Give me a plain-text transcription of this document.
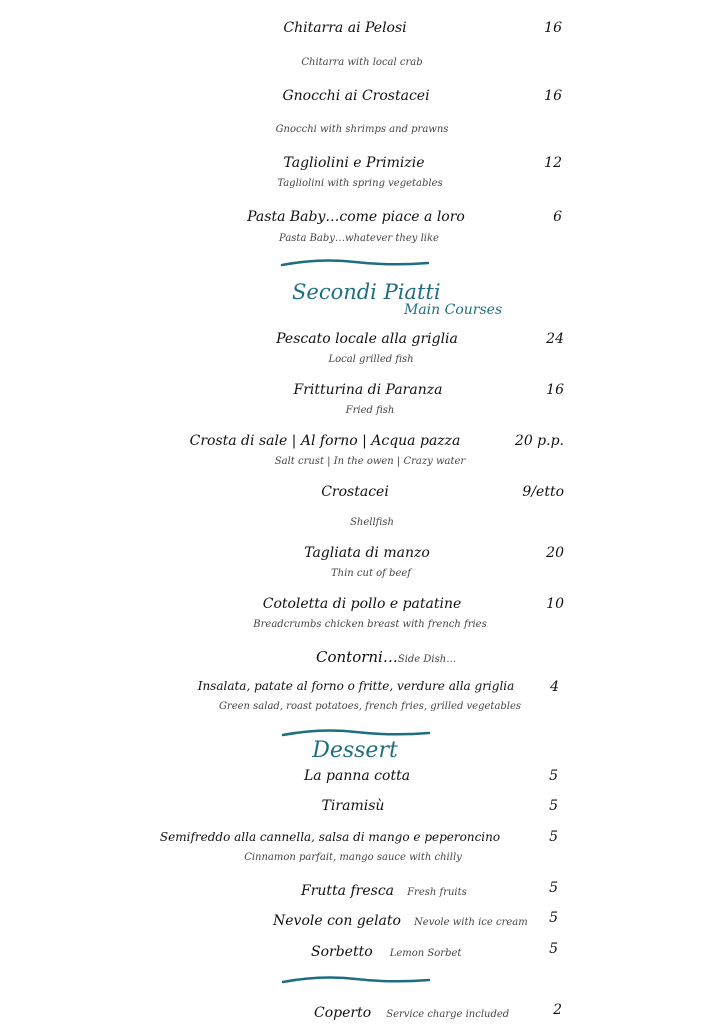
Chitarra ai Pelosi	16
Chitarra with local crab
Gnocchi ai Crostacei	16
Gnocchi with shrimps and prawns
Tagliolini e Primizie	12
Tagliolini with spring vegetables
Pasta Baby…come piace a loro	6
Pasta Baby…whatever they like
Secondi Piatti
Main Courses
Pescato locale alla griglia	24
Local grilled fish
Fritturina di Paranza	16
Fried fish
Crosta di sale | Al forno | Acqua pazza	20 p.p.
Salt crust | In the owen | Crazy water
Crostacei	9/etto
Shellfish
Tagliata di manzo	20
Thin cut of beef
Cotoletta di pollo e patatine	10
Breadcrumbs chicken breast with french fries
Contorni…Side Dish…
Insalata, patate al forno o fritte, verdure alla griglia	4
Green salad, roast potatoes, french fries, grilled vegetables
Dessert
La panna cotta	5
Tiramisù	5
Semifreddo alla cannella, salsa di mango e peperoncino	5
Cinnamon parfait, mango sauce with chilly
Frutta fresca Fresh fruits	5
Nevole con gelato Nevole with ice cream	5
Sorbetto Lemon Sorbet	5
Coperto Service charge included	2
